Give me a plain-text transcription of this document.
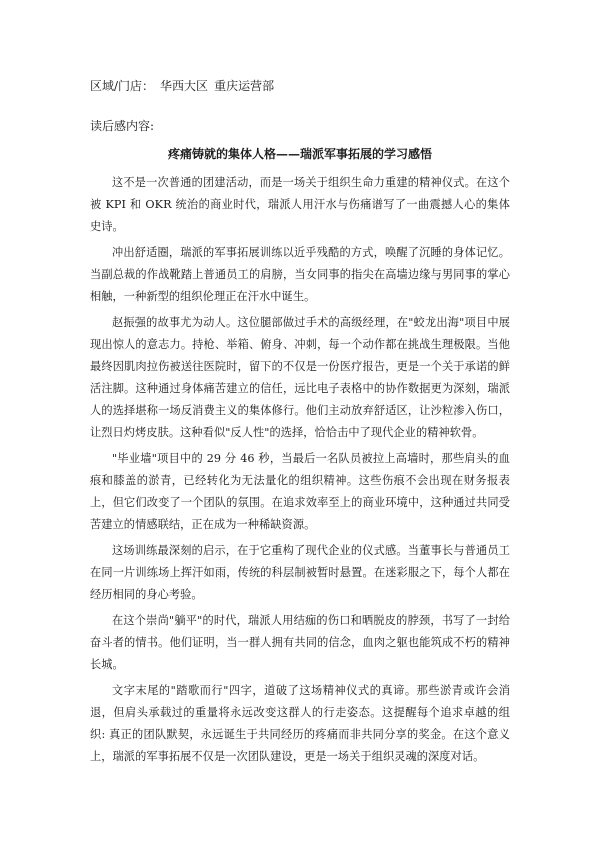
区域/门店： 华西大区 重庆运营部
读后感内容:
疼痛铸就的集体人格——瑞派军事拓展的学习感悟

这不是一次普通的团建活动，而是一场关于组织生命力重建的精神仪式。在这个被 KPI 和 OKR 统治的商业时代，瑞派人用汗水与伤痛谱写了一曲震撼人心的集体史诗。

冲出舒适圈，瑞派的军事拓展训练以近乎残酷的方式，唤醒了沉睡的身体记忆。当副总裁的作战靴踏上普通员工的肩膀，当女同事的指尖在高墙边缘与男同事的掌心相触，一种新型的组织伦理正在汗水中诞生。

赵振强的故事尤为动人。这位腿部做过手术的高级经理，在"蛟龙出海"项目中展现出惊人的意志力。持枪、举箱、俯身、冲刺，每一个动作都在挑战生理极限。当他最终因肌肉拉伤被送往医院时，留下的不仅是一份医疗报告，更是一个关于承诺的鲜活注脚。这种通过身体痛苦建立的信任，远比电子表格中的协作数据更为深刻，瑞派人的选择堪称一场反消费主义的集体修行。他们主动放弃舒适区，让沙粒渗入伤口，让烈日灼烤皮肤。这种看似"反人性"的选择，恰恰击中了现代企业的精神软骨。

"毕业墙"项目中的 29 分 46 秒，当最后一名队员被拉上高墙时，那些肩头的血痕和膝盖的淤青，已经转化为无法量化的组织精神。这些伤痕不会出现在财务报表上，但它们改变了一个团队的氛围。在追求效率至上的商业环境中，这种通过共同受苦建立的情感联结，正在成为一种稀缺资源。

这场训练最深刻的启示，在于它重构了现代企业的仪式感。当董事长与普通员工在同一片训练场上挥汗如雨，传统的科层制被暂时悬置。在迷彩服之下，每个人都在经历相同的身心考验。

在这个崇尚"躺平"的时代，瑞派人用结痂的伤口和晒脱皮的脖颈，书写了一封给奋斗者的情书。他们证明，当一群人拥有共同的信念，血肉之躯也能筑成不朽的精神长城。

文字末尾的"踏歌而行"四字，道破了这场精神仪式的真谛。那些淤青或许会消退，但肩头承载过的重量将永远改变这群人的行走姿态。这提醒每个追求卓越的组织: 真正的团队默契，永远诞生于共同经历的疼痛而非共同分享的奖金。在这个意义上，瑞派的军事拓展不仅是一次团队建设，更是一场关于组织灵魂的深度对话。
